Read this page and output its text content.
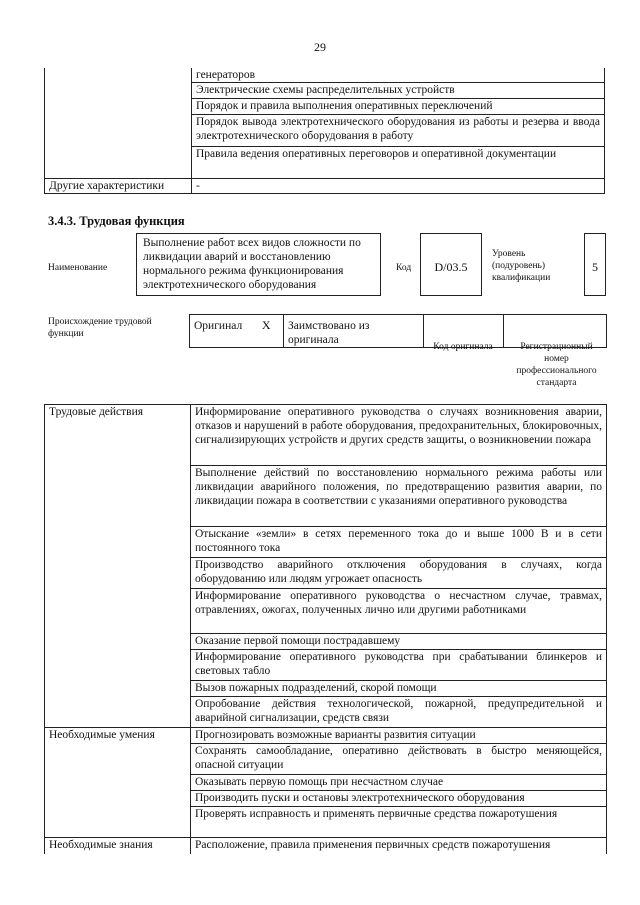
29
	генераторов
	Электрические схемы распределительных устройств
	Порядок и правила выполнения оперативных переключений
	Порядок вывода электротехнического оборудования из работы и резерва и ввода электротехнического оборудования в работу
	Правила ведения оперативных переговоров и оперативной документации
Другие характеристики	-
3.4.3. Трудовая функция
Наименование
Выполнение работ всех видов сложности по ликвидации аварий и восстановлению нормального режима функционирования электротехнического оборудования
Код	D/03.5
Уровень (подуровень) квалификации
5
Происхождение трудовой функции
Оригинал	X	Заимствовано из оригинала		
Код оригинала	Регистрационный номер профессионального стандарта
Трудовые действия	Информирование оперативного руководства о случаях возникновения аварии, отказов и нарушений в работе оборудования, предохранительных, блокировочных, сигнализирующих устройств и других средств защиты, о возникновении пожара
	Выполнение действий по восстановлению нормального режима работы или ликвидации аварийного положения, по предотвращению развития аварии, по ликвидации пожара в соответствии с указаниями оперативного руководства
	Отыскание «земли» в сетях переменного тока до и выше 1000 В и в сети постоянного тока
	Производство аварийного отключения оборудования в случаях, когда оборудованию или людям угрожает опасность
	Информирование оперативного руководства о несчастном случае, травмах, отравлениях, ожогах, полученных лично или другими работниками
	Оказание первой помощи пострадавшему
	Информирование оперативного руководства при срабатывании блинкеров и световых табло
	Вызов пожарных подразделений, скорой помощи
	Опробование действия технологической, пожарной, предупредительной и аварийной сигнализации, средств связи
Необходимые умения	Прогнозировать возможные варианты развития ситуации
	Сохранять самообладание, оперативно действовать в быстро меняющейся, опасной ситуации
	Оказывать первую помощь при несчастном случае
	Производить пуски и остановы электротехнического оборудования
	Проверять исправность и применять первичные средства пожаротушения
Необходимые знания	Расположение, правила применения первичных средств пожаротушения
